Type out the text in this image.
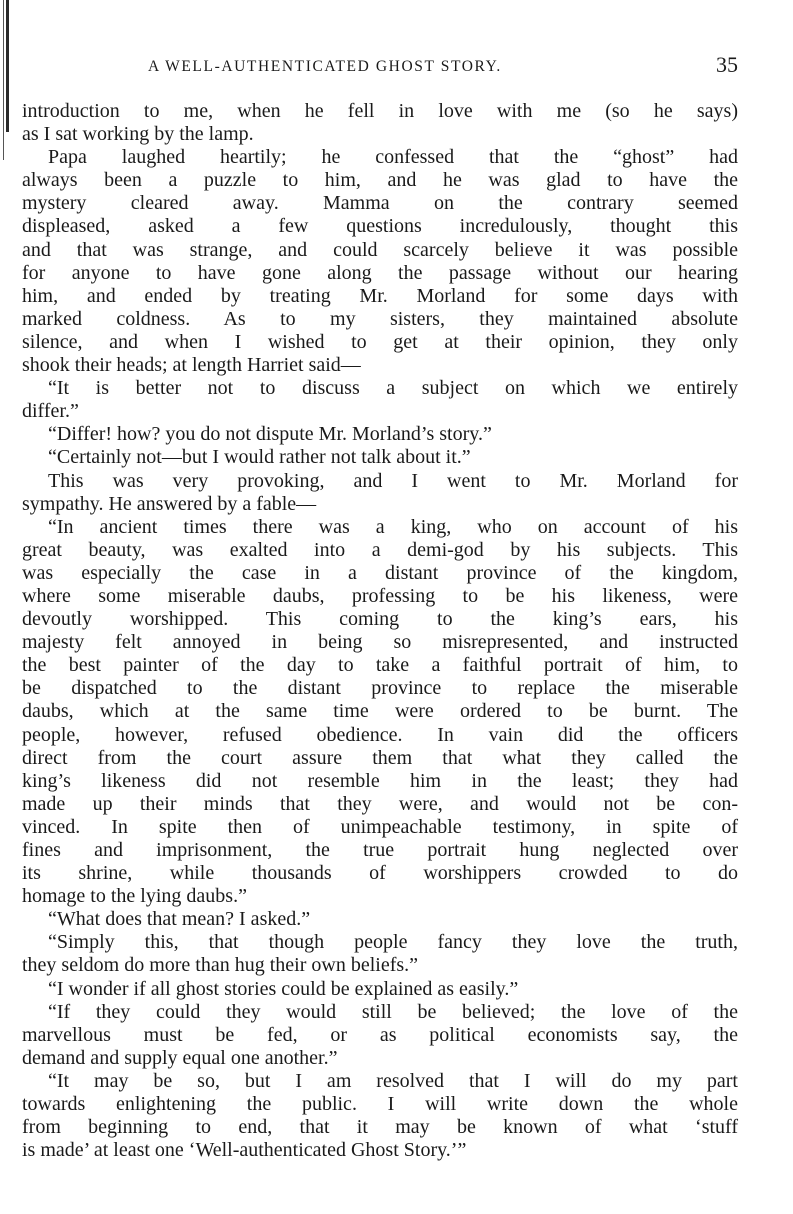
A WELL-AUTHENTICATED GHOST STORY.	35
introduction to me, when he fell in love with me (so he says)
as I sat working by the lamp.
Papa laughed heartily; he confessed that the “ghost” had
always been a puzzle to him, and he was glad to have the
mystery cleared away. Mamma on the contrary seemed
displeased, asked a few questions incredulously, thought this
and that was strange, and could scarcely believe it was possible
for anyone to have gone along the passage without our hearing
him, and ended by treating Mr. Morland for some days with
marked coldness. As to my sisters, they maintained absolute
silence, and when I wished to get at their opinion, they only
shook their heads; at length Harriet said—
“It is better not to discuss a subject on which we entirely
differ.”
“Differ! how? you do not dispute Mr. Morland’s story.”
“Certainly not—but I would rather not talk about it.”
This was very provoking, and I went to Mr. Morland for
sympathy. He answered by a fable—
“In ancient times there was a king, who on account of his
great beauty, was exalted into a demi-god by his subjects. This
was especially the case in a distant province of the kingdom,
where some miserable daubs, professing to be his likeness, were
devoutly worshipped. This coming to the king’s ears, his
majesty felt annoyed in being so misrepresented, and instructed
the best painter of the day to take a faithful portrait of him, to
be dispatched to the distant province to replace the miserable
daubs, which at the same time were ordered to be burnt. The
people, however, refused obedience. In vain did the officers
direct from the court assure them that what they called the
king’s likeness did not resemble him in the least; they had
made up their minds that they were, and would not be con-
vinced. In spite then of unimpeachable testimony, in spite of
fines and imprisonment, the true portrait hung neglected over
its shrine, while thousands of worshippers crowded to do
homage to the lying daubs.”
“What does that mean? I asked.”
“Simply this, that though people fancy they love the truth,
they seldom do more than hug their own beliefs.”
“I wonder if all ghost stories could be explained as easily.”
“If they could they would still be believed; the love of the
marvellous must be fed, or as political economists say, the
demand and supply equal one another.”
“It may be so, but I am resolved that I will do my part
towards enlightening the public. I will write down the whole
from beginning to end, that it may be known of what ‘stuff
is made’ at least one ‘Well-authenticated Ghost Story.’”
